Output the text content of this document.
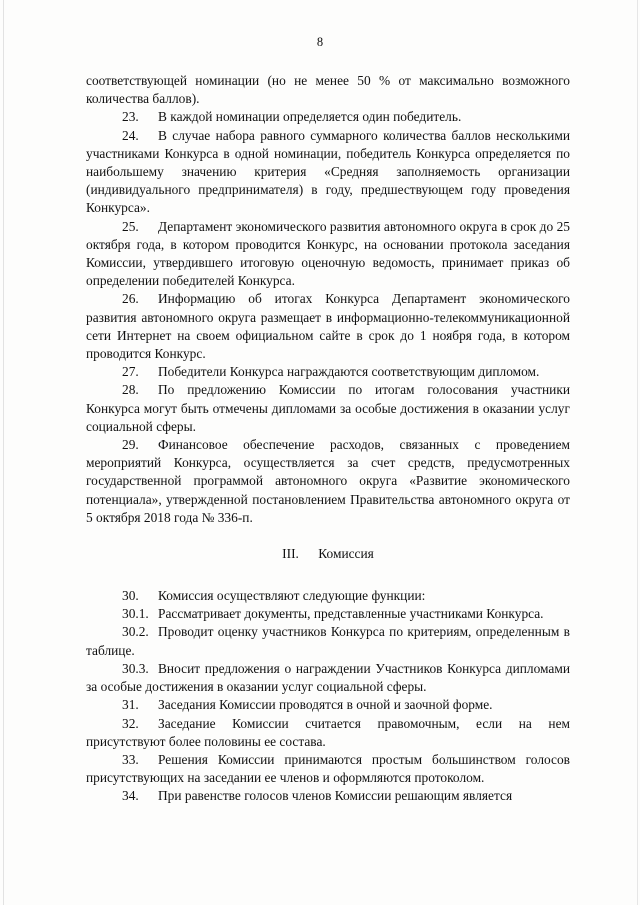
8

соответствующей номинации (но не менее 50 % от максимально возможного количества баллов).

23. В каждой номинации определяется один победитель.

24. В случае набора равного суммарного количества баллов несколькими участниками Конкурса в одной номинации, победитель Конкурса определяется по наибольшему значению критерия «Средняя заполняемость организации (индивидуального предпринимателя) в году, предшествующем году проведения Конкурса».

25. Департамент экономического развития автономного округа в срок до 25 октября года, в котором проводится Конкурс, на основании протокола заседания Комиссии, утвердившего итоговую оценочную ведомость, принимает приказ об определении победителей Конкурса.

26. Информацию об итогах Конкурса Департамент экономического развития автономного округа размещает в информационно-телекоммуникационной сети Интернет на своем официальном сайте в срок до 1 ноября года, в котором проводится Конкурс.

27. Победители Конкурса награждаются соответствующим дипломом.

28. По предложению Комиссии по итогам голосования участники Конкурса могут быть отмечены дипломами за особые достижения в оказании услуг социальной сферы.

29. Финансовое обеспечение расходов, связанных с проведением мероприятий Конкурса, осуществляется за счет средств, предусмотренных государственной программой автономного округа «Развитие экономического потенциала», утвержденной постановлением Правительства автономного округа от 5 октября 2018 года № 336-п.

III. Комиссия

30. Комиссия осуществляют следующие функции:

30.1. Рассматривает документы, представленные участниками Конкурса.

30.2. Проводит оценку участников Конкурса по критериям, определенным в таблице.

30.3. Вносит предложения о награждении Участников Конкурса дипломами за особые достижения в оказании услуг социальной сферы.

31. Заседания Комиссии проводятся в очной и заочной форме.

32. Заседание Комиссии считается правомочным, если на нем присутствуют более половины ее состава.

33. Решения Комиссии принимаются простым большинством голосов присутствующих на заседании ее членов и оформляются протоколом.

34. При равенстве голосов членов Комиссии решающим является
